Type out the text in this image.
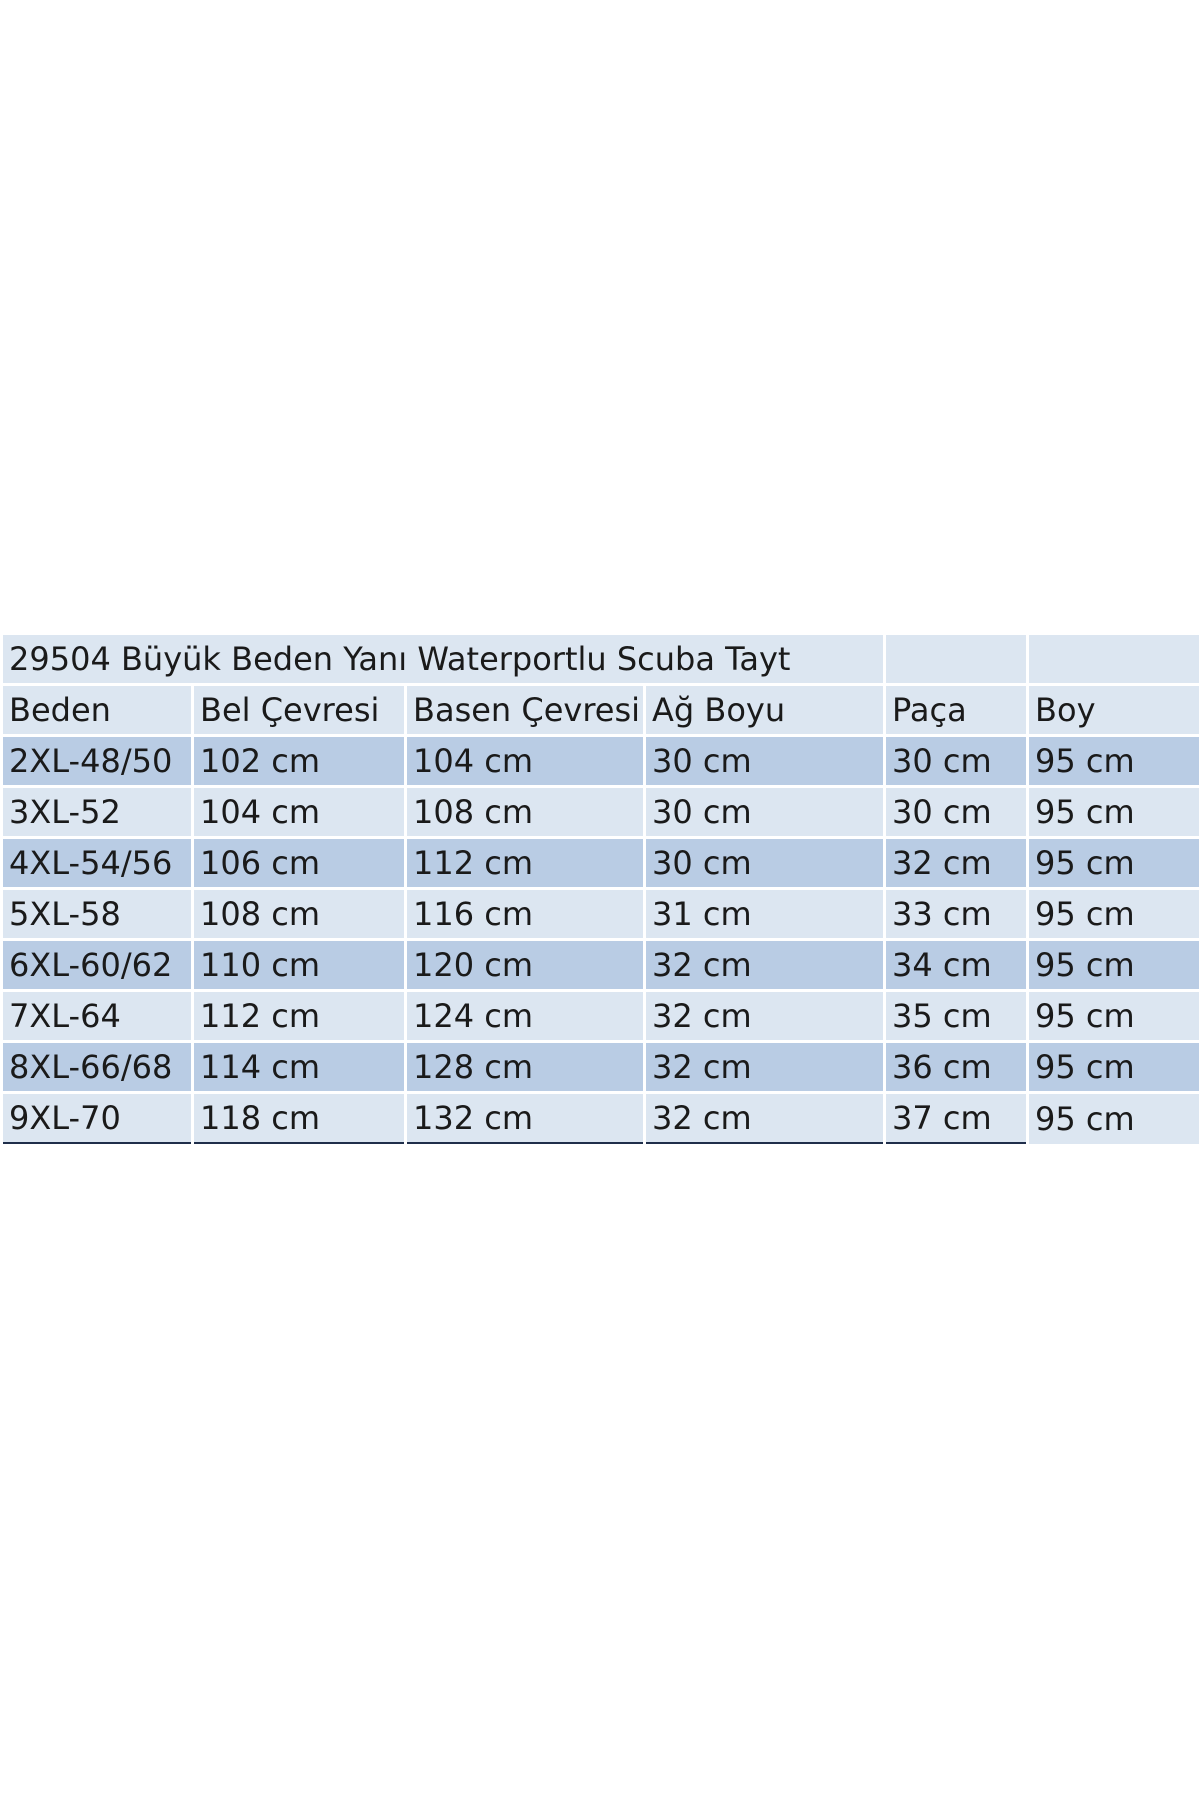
29504 Büyük Beden Yanı Waterportlu Scuba Tayt					
Beden	Bel Çevresi	Basen Çevresi	Ağ Boyu	Paça	Boy
2XL-48/50	102 cm	104 cm	30 cm	30 cm	95 cm
3XL-52	104 cm	108 cm	30 cm	30 cm	95 cm
4XL-54/56	106 cm	112 cm	30 cm	32 cm	95 cm
5XL-58	108 cm	116 cm	31 cm	33 cm	95 cm
6XL-60/62	110 cm	120 cm	32 cm	34 cm	95 cm
7XL-64	112 cm	124 cm	32 cm	35 cm	95 cm
8XL-66/68	114 cm	128 cm	32 cm	36 cm	95 cm
9XL-70	118 cm	132 cm	32 cm	37 cm	95 cm
